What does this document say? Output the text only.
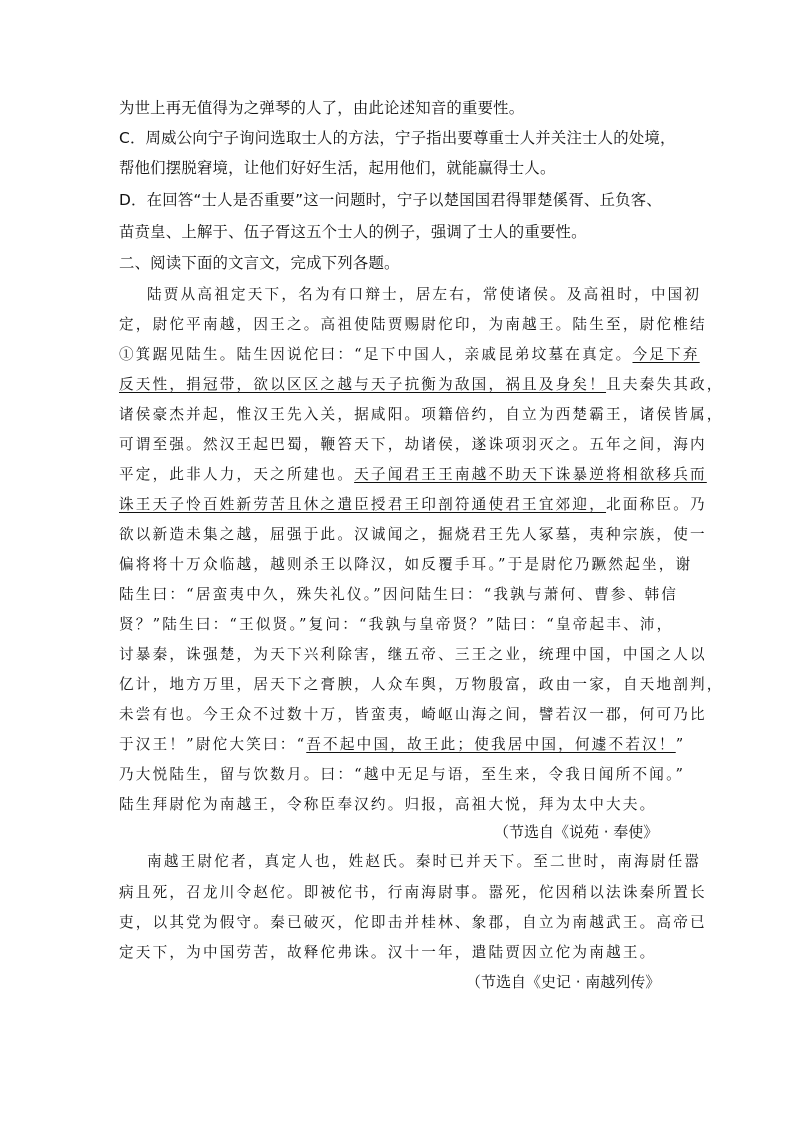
为世上再无值得为之弹琴的人了，由此论述知音的重要性。
C．周威公向宁子询问选取士人的方法，宁子指出要尊重士人并关注士人的处境，
帮他们摆脱窘境，让他们好好生活，起用他们，就能赢得士人。
D．在回答“士人是否重要”这一问题时，宁子以楚国国君得罪楚傒胥、丘负客、
苗贲皇、上解于、伍子胥这五个士人的例子，强调了士人的重要性。
二、阅读下面的文言文，完成下列各题。
陆贾从高祖定天下，名为有口辩士，居左右，常使诸侯。及高祖时，中国初
定，尉佗平南越，因王之。高祖使陆贾赐尉佗印，为南越王。陆生至，尉佗椎结
①箕踞见陆生。陆生因说佗曰：“足下中国人，亲戚昆弟坟墓在真定。今足下弃
反天性，捐冠带，欲以区区之越与天子抗衡为敌国，祸且及身矣！且夫秦失其政，
诸侯豪杰并起，惟汉王先入关，据咸阳。项籍倍约，自立为西楚霸王，诸侯皆属，
可谓至强。然汉王起巴蜀，鞭笞天下，劫诸侯，遂诛项羽灭之。五年之间，海内
平定，此非人力，天之所建也。天子闻君王王南越不助天下诛暴逆将相欲移兵而
诛王天子怜百姓新劳苦且休之遣臣授君王印剖符通使君王宜郊迎，北面称臣。乃
欲以新造未集之越，屈强于此。汉诚闻之，掘烧君王先人冢墓，夷种宗族，使一
偏将将十万众临越，越则杀王以降汉，如反覆手耳。”于是尉佗乃蹶然起坐，谢
陆生曰：“居蛮夷中久，殊失礼仪。”因问陆生曰：“我孰与萧何、曹参、韩信
贤？”陆生曰：“王似贤。”复问：“我孰与皇帝贤？”陆曰：“皇帝起丰、沛，
讨暴秦，诛强楚，为天下兴利除害，继五帝、三王之业，统理中国，中国之人以
亿计，地方万里，居天下之膏腴，人众车舆，万物殷富，政由一家，自天地剖判，
未尝有也。今王众不过数十万，皆蛮夷，崎岖山海之间，譬若汉一郡，何可乃比
于汉王！”尉佗大笑曰：“吾不起中国，故王此；使我居中国，何遽不若汉！”
乃大悦陆生，留与饮数月。曰：“越中无足与语，至生来，令我日闻所不闻。”
陆生拜尉佗为南越王，令称臣奉汉约。归报，高祖大悦，拜为太中大夫。
（节选自《说苑 · 奉使》
南越王尉佗者，真定人也，姓赵氏。秦时已并天下。至二世时，南海尉任嚣
病且死，召龙川令赵佗。即被佗书，行南海尉事。嚣死，佗因稍以法诛秦所置长
吏，以其党为假守。秦已破灭，佗即击并桂林、象郡，自立为南越武王。高帝已
定天下，为中国劳苦，故释佗弗诛。汉十一年，遣陆贾因立佗为南越王。
（节选自《史记 · 南越列传》
